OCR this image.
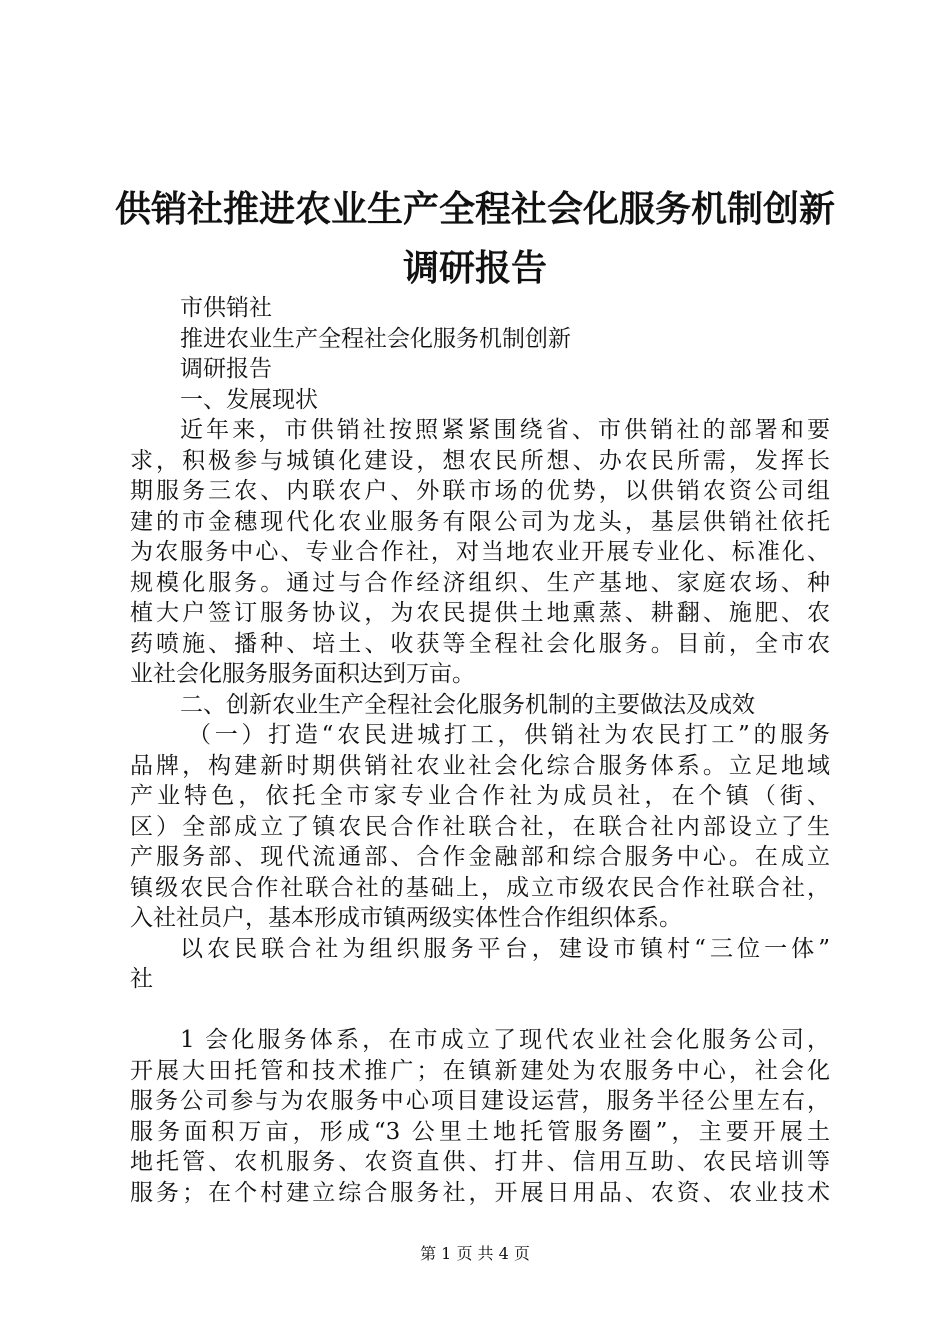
供销社推进农业生产全程社会化服务机制创新
调研报告
市供销社
推进农业生产全程社会化服务机制创新
调研报告
一、发展现状
近年来，市供销社按照紧紧围绕省、市供销社的部署和要
求，积极参与城镇化建设，想农民所想、办农民所需，发挥长
期服务三农、内联农户、外联市场的优势，以供销农资公司组
建的市金穗现代化农业服务有限公司为龙头，基层供销社依托
为农服务中心、专业合作社，对当地农业开展专业化、标准化、
规模化服务。通过与合作经济组织、生产基地、家庭农场、种
植大户签订服务协议，为农民提供土地熏蒸、耕翻、施肥、农
药喷施、播种、培土、收获等全程社会化服务。目前，全市农
业社会化服务服务面积达到万亩。
二、创新农业生产全程社会化服务机制的主要做法及成效
（一）打造“农民进城打工，供销社为农民打工”的服务
品牌，构建新时期供销社农业社会化综合服务体系。立足地域
产业特色，依托全市家专业合作社为成员社，在个镇（街、
区）全部成立了镇农民合作社联合社，在联合社内部设立了生
产服务部、现代流通部、合作金融部和综合服务中心。在成立
镇级农民合作社联合社的基础上，成立市级农民合作社联合社，
入社社员户，基本形成市镇两级实体性合作组织体系。
以农民联合社为组织服务平台，建设市镇村“三位一体”
社
1 会化服务体系，在市成立了现代农业社会化服务公司，
开展大田托管和技术推广；在镇新建处为农服务中心，社会化
服务公司参与为农服务中心项目建设运营，服务半径公里左右，
服务面积万亩，形成“3 公里土地托管服务圈”，主要开展土
地托管、农机服务、农资直供、打井、信用互助、农民培训等
服务；在个村建立综合服务社，开展日用品、农资、农业技术
第 1 页 共 4 页
